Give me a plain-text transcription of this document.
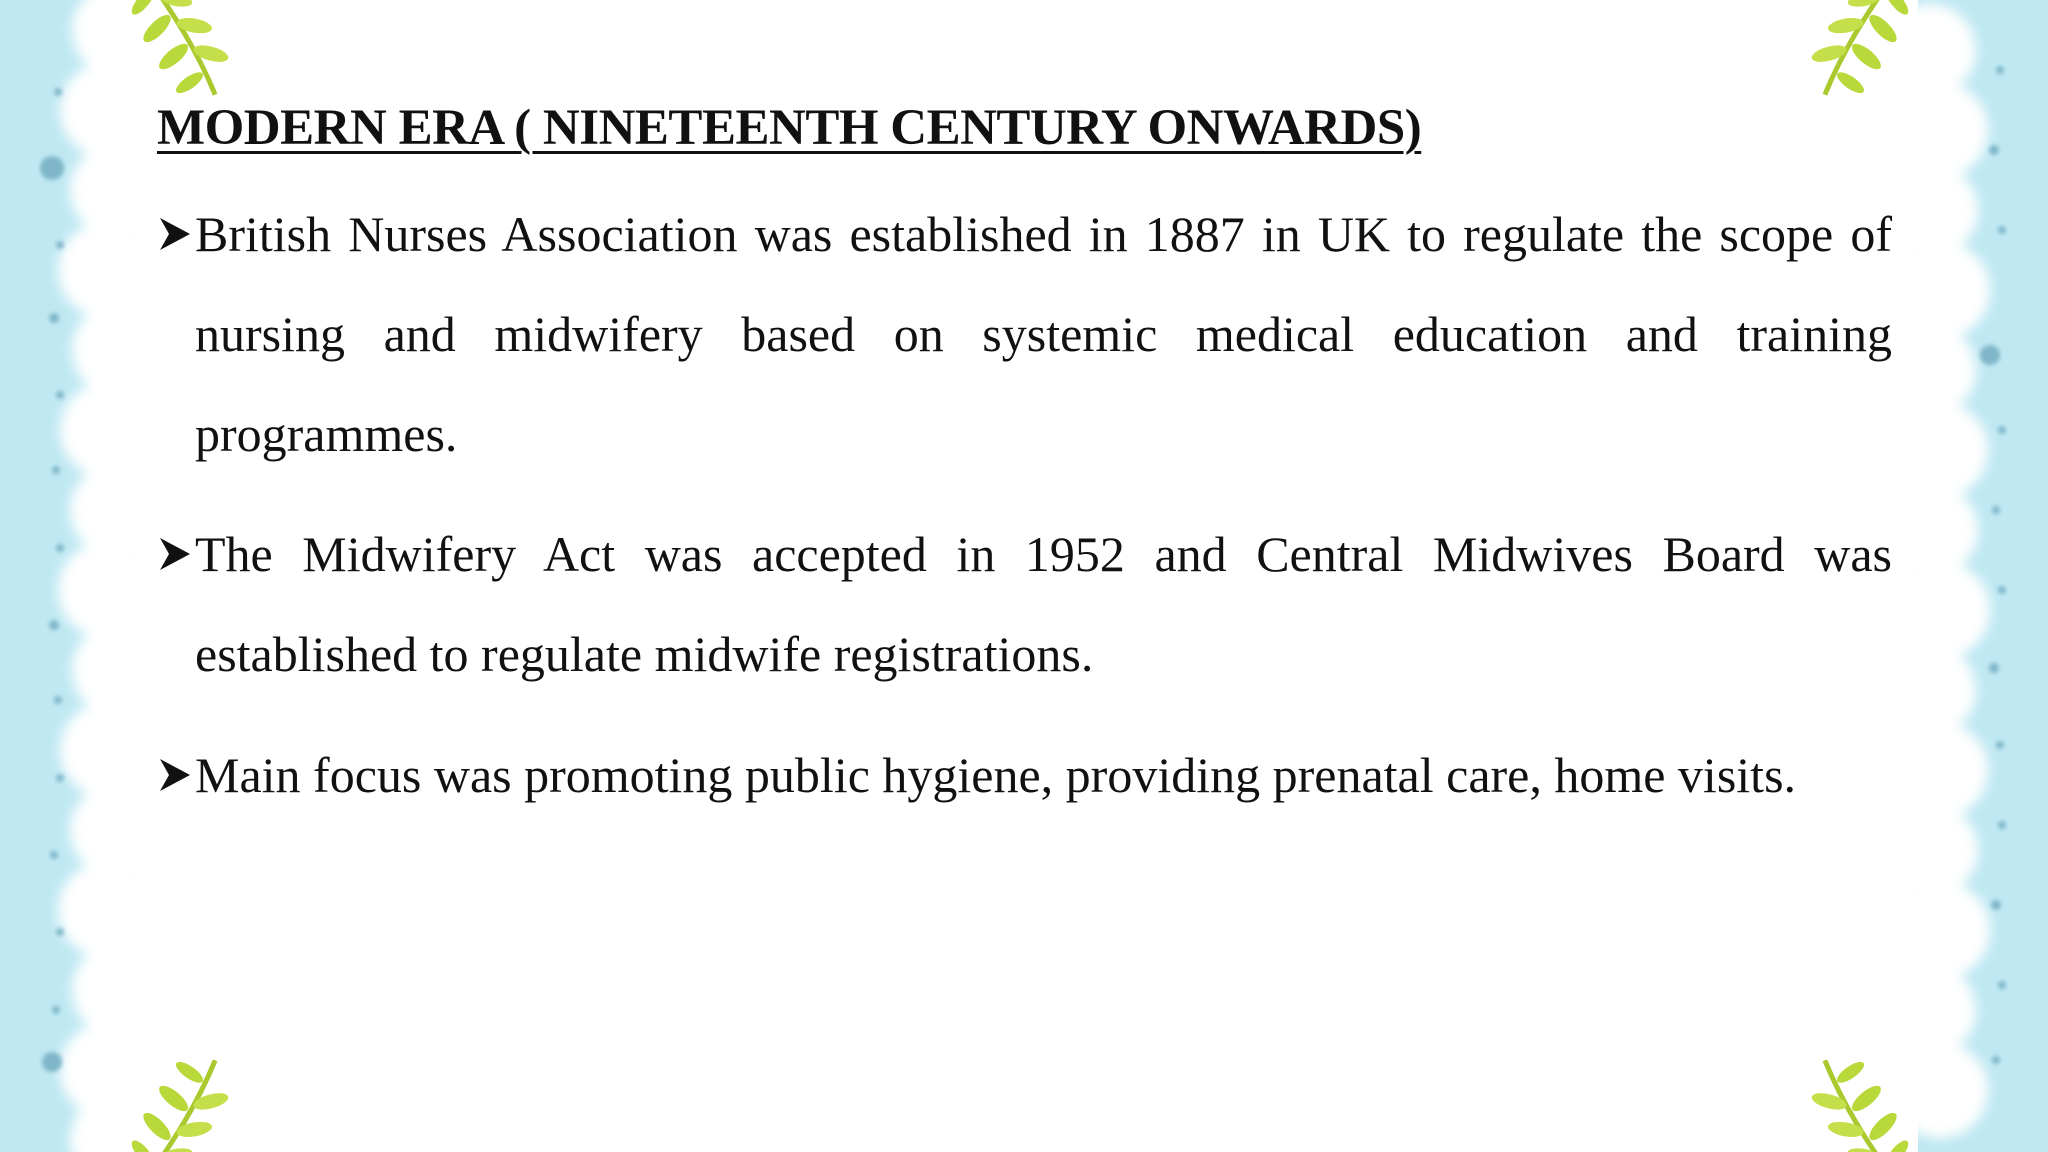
MODERN ERA ( NINETEENTH CENTURY ONWARDS)
British Nurses Association was established in 1887 in UK to regulate the scope of nursing and midwifery based on systemic medical education and training programmes.
The Midwifery Act was accepted in 1952 and Central Midwives Board was established to regulate midwife registrations.
Main focus was promoting public hygiene, providing prenatal care, home visits.
